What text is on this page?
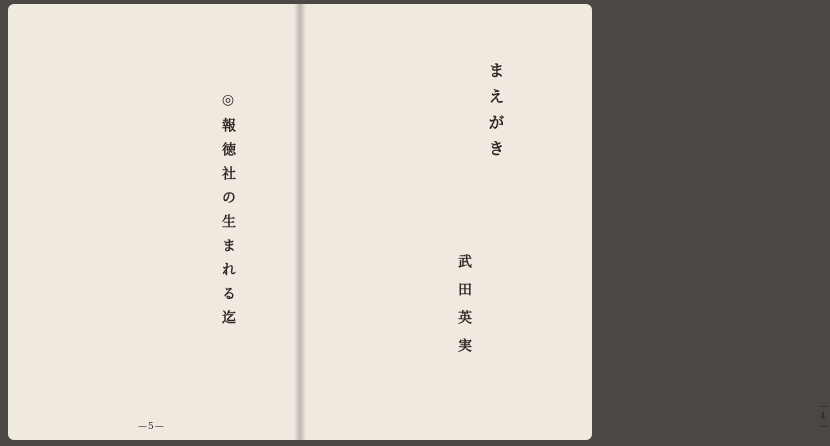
◎報徳社の生まれる迄
—5—
まえがき
武田英実
—4—
